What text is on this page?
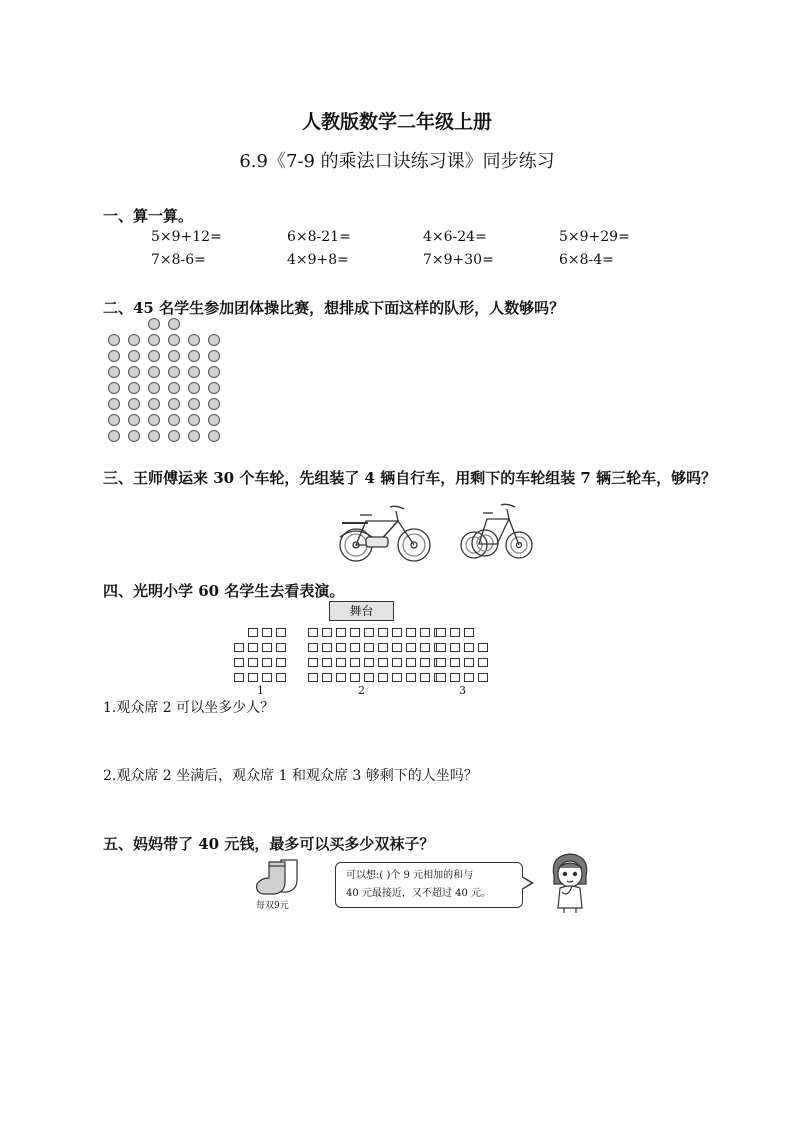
人教版数学二年级上册
6.9《7-9 的乘法口诀练习课》同步练习
一、算一算。
5×9+12=	6×8-21=	4×6-24=	5×9+29=
7×8-6=	4×9+8=	7×9+30=	6×8-4=
二、45 名学生参加团体操比赛，想排成下面这样的队形，人数够吗？
三、王师傅运来 30 个车轮，先组装了 4 辆自行车，用剩下的车轮组装 7 辆三轮车，够吗？
四、光明小学 60 名学生去看表演。
舞台
1	2	3
1.观众席 2 可以坐多少人？
2.观众席 2 坐满后，观众席 1 和观众席 3 够剩下的人坐吗？
五、妈妈带了 40 元钱，最多可以买多少双袜子？
每双9元
可以想:( )个 9 元相加的和与
40 元最接近，又不超过 40 元。
